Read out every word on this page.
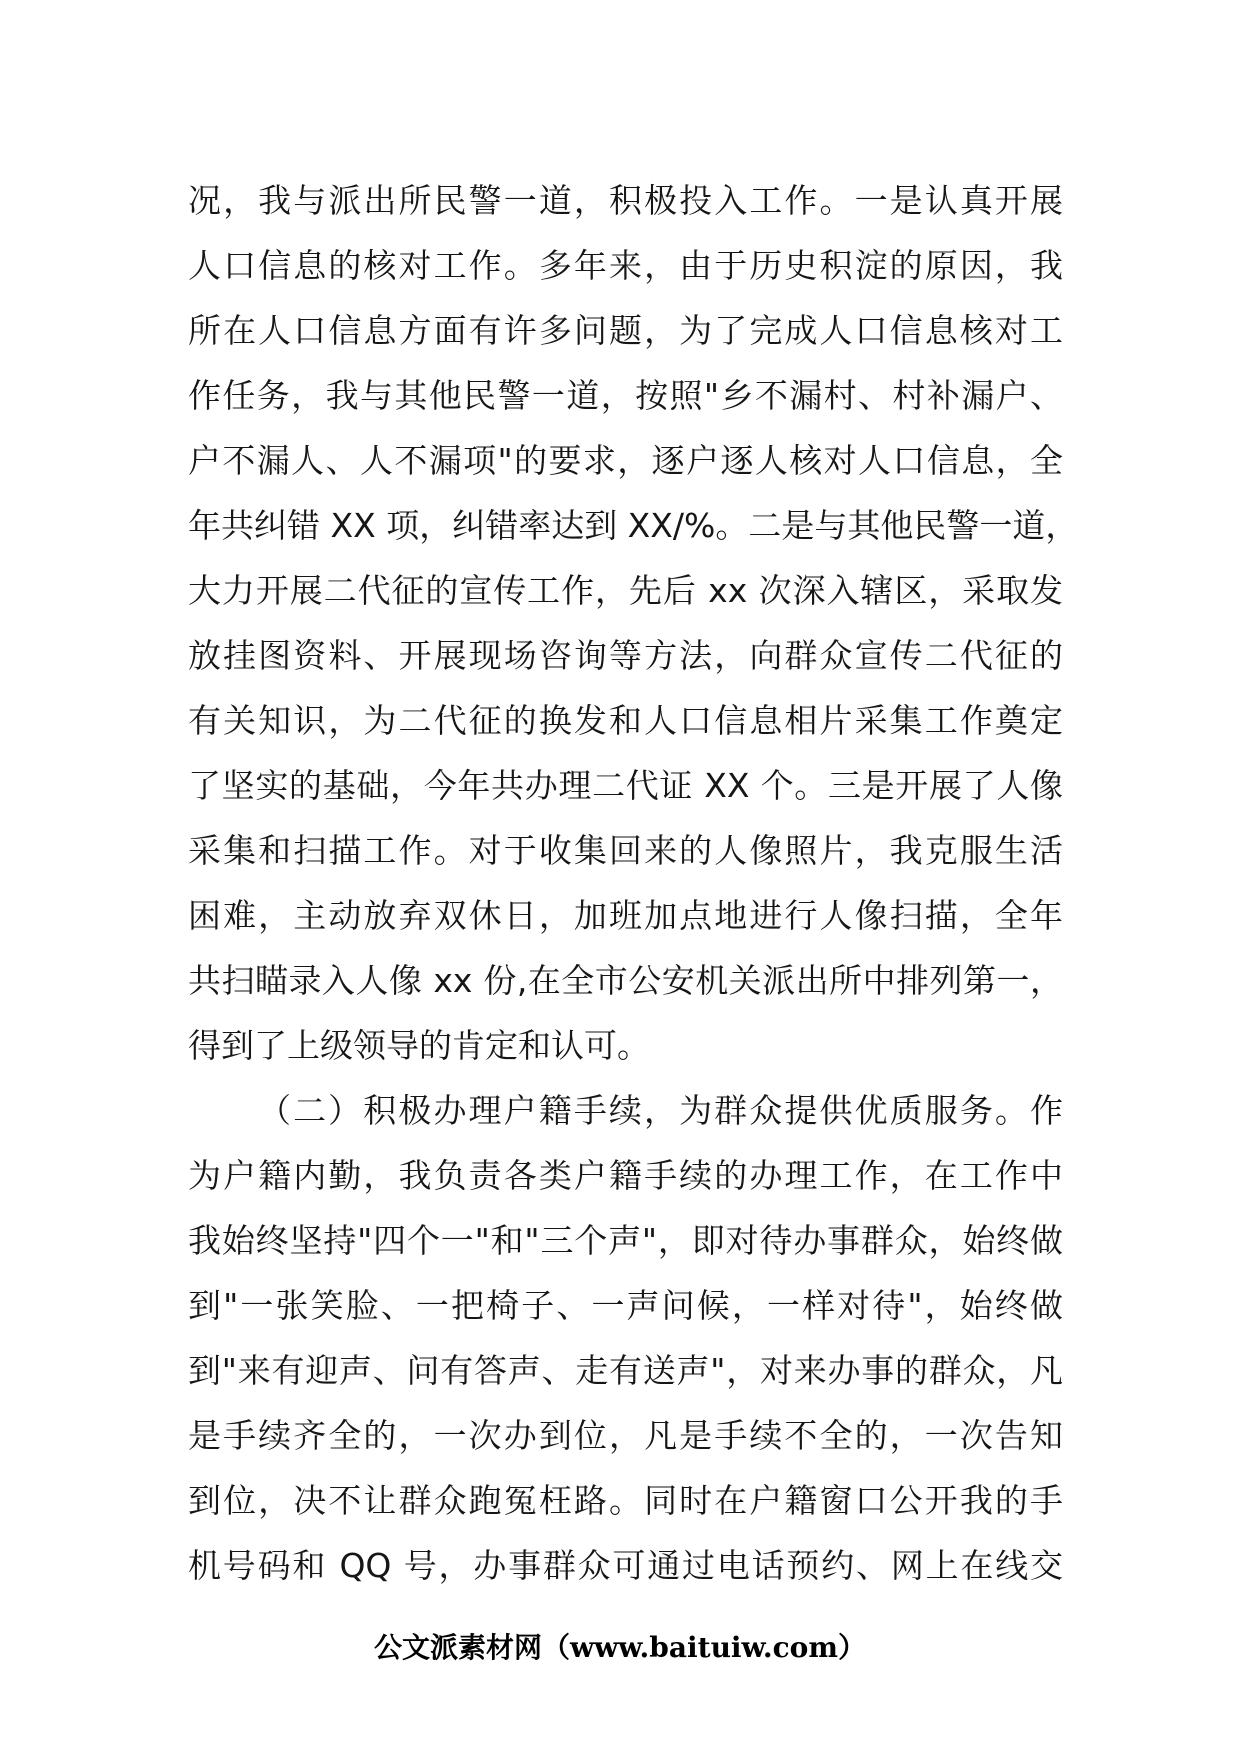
况，我与派出所民警一道，积极投入工作。一是认真开展
人口信息的核对工作。多年来，由于历史积淀的原因，我
所在人口信息方面有许多问题，为了完成人口信息核对工
作任务，我与其他民警一道，按照"乡不漏村、村补漏户、
户不漏人、人不漏项"的要求，逐户逐人核对人口信息，全
年共纠错 XX 项，纠错率达到 XX/%。二是与其他民警一道，
大力开展二代征的宣传工作，先后 xx 次深入辖区，采取发
放挂图资料、开展现场咨询等方法，向群众宣传二代征的
有关知识，为二代征的换发和人口信息相片采集工作奠定
了坚实的基础，今年共办理二代证 XX 个。三是开展了人像
采集和扫描工作。对于收集回来的人像照片，我克服生活
困难，主动放弃双休日，加班加点地进行人像扫描，全年
共扫瞄录入人像 xx 份,在全市公安机关派出所中排列第一，
得到了上级领导的肯定和认可。
（二）积极办理户籍手续，为群众提供优质服务。作
为户籍内勤，我负责各类户籍手续的办理工作，在工作中
我始终坚持"四个一"和"三个声"，即对待办事群众，始终做
到"一张笑脸、一把椅子、一声问候，一样对待"，始终做
到"来有迎声、问有答声、走有送声"，对来办事的群众，凡
是手续齐全的，一次办到位，凡是手续不全的，一次告知
到位，决不让群众跑冤枉路。同时在户籍窗口公开我的手
机号码和 QQ 号，办事群众可通过电话预约、网上在线交
公文派素材网（www.baituiw.com）
